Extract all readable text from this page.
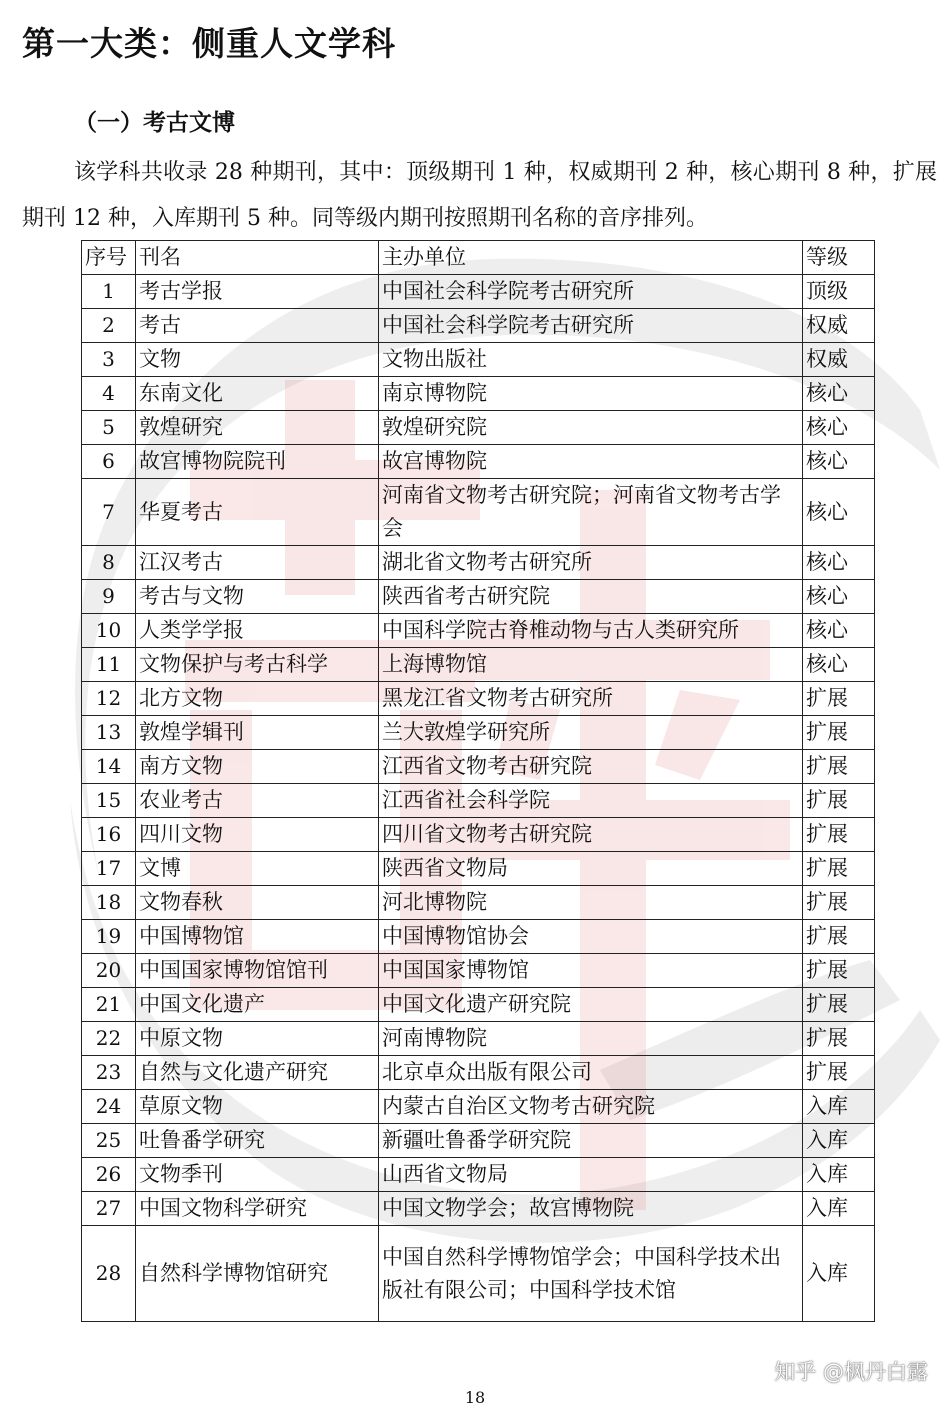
第一大类：侧重人文学科
（一）考古文博
该学科共收录 28 种期刊，其中：顶级期刊 1 种，权威期刊 2 种，核心期刊 8 种，扩展期刊 12 种，入库期刊 5 种。同等级内期刊按照期刊名称的音序排列。
序号	刊名	主办单位	等级
1	考古学报	中国社会科学院考古研究所	顶级
2	考古	中国社会科学院考古研究所	权威
3	文物	文物出版社	权威
4	东南文化	南京博物院	核心
5	敦煌研究	敦煌研究院	核心
6	故宫博物院院刊	故宫博物院	核心
7	华夏考古	河南省文物考古研究院；河南省文物考古学会	核心
8	江汉考古	湖北省文物考古研究所	核心
9	考古与文物	陕西省考古研究院	核心
10	人类学学报	中国科学院古脊椎动物与古人类研究所	核心
11	文物保护与考古科学	上海博物馆	核心
12	北方文物	黑龙江省文物考古研究所	扩展
13	敦煌学辑刊	兰大敦煌学研究所	扩展
14	南方文物	江西省文物考古研究院	扩展
15	农业考古	江西省社会科学院	扩展
16	四川文物	四川省文物考古研究院	扩展
17	文博	陕西省文物局	扩展
18	文物春秋	河北博物院	扩展
19	中国博物馆	中国博物馆协会	扩展
20	中国国家博物馆馆刊	中国国家博物馆	扩展
21	中国文化遗产	中国文化遗产研究院	扩展
22	中原文物	河南博物院	扩展
23	自然与文化遗产研究	北京卓众出版有限公司	扩展
24	草原文物	内蒙古自治区文物考古研究院	入库
25	吐鲁番学研究	新疆吐鲁番学研究院	入库
26	文物季刊	山西省文物局	入库
27	中国文物科学研究	中国文物学会；故宫博物院	入库
28	自然科学博物馆研究	中国自然科学博物馆学会；中国科学技术出版社有限公司；中国科学技术馆	入库
知乎 @枫丹白露
18
